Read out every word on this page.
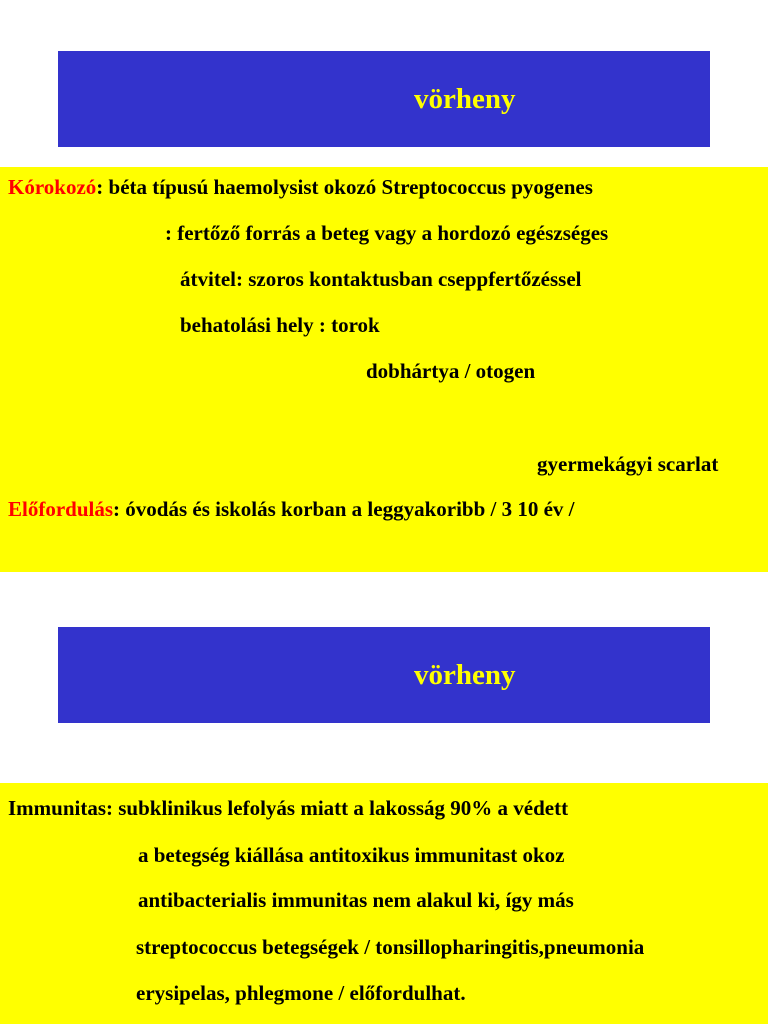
vörheny
Kórokozó: béta típusú haemolysist okozó Streptococcus pyogenes
: fertőző forrás a beteg vagy a hordozó egészséges
átvitel: szoros kontaktusban cseppfertőzéssel
behatolási hely : torok
dobhártya / otogen
gyermekágyi scarlat
Előfordulás: óvodás és iskolás korban a leggyakoribb / 3 10 év /
vörheny
Immunitas: subklinikus lefolyás miatt a lakosság 90% a védett
a betegség kiállása antitoxikus immunitast okoz
antibacterialis immunitas nem alakul ki, így más
streptococcus betegségek / tonsillopharingitis,pneumonia
erysipelas, phlegmone / előfordulhat.
